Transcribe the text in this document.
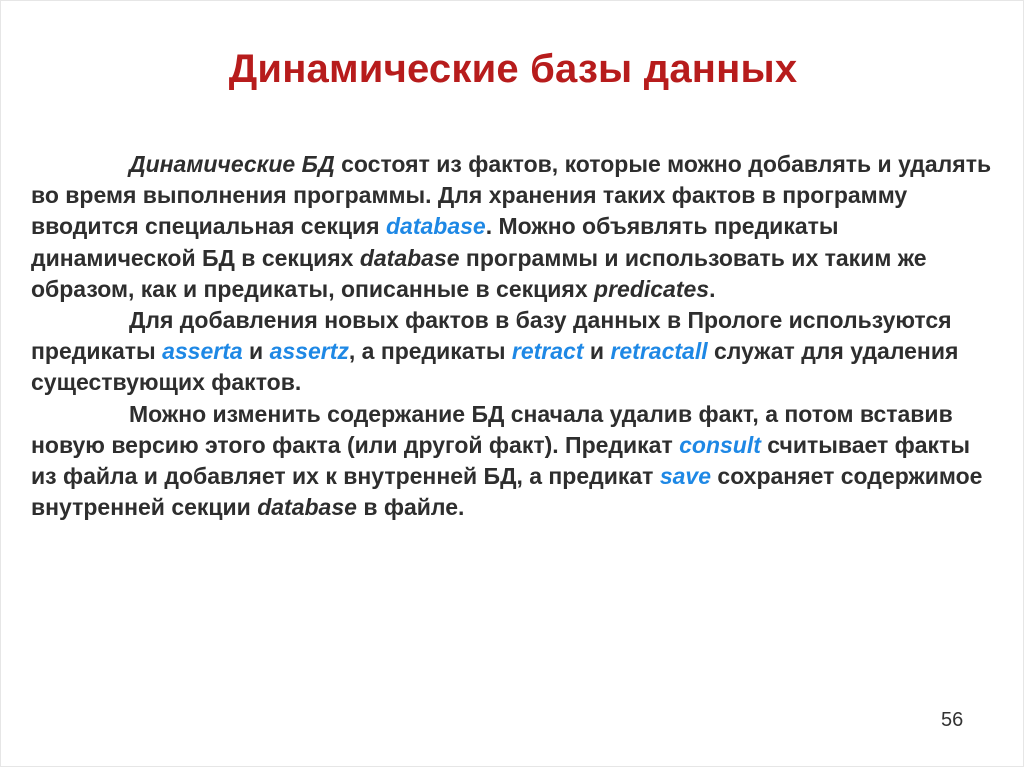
Динамические базы данных

Динамические БД состоят из фактов, которые можно добавлять и удалять во время выполнения программы. Для хранения таких фактов в программу вводится специальная секция database. Можно объявлять предикаты динамической БД в секциях database программы и использовать их таким же образом, как и предикаты, описанные в секциях predicates.

Для добавления новых фактов в базу данных в Прологе используются предикаты asserta и assertz, а предикаты retract и retractall служат для удаления существующих фактов.

Можно изменить содержание БД сначала удалив факт, а потом вставив новую версию этого факта (или другой факт). Предикат consult считывает факты из файла и добавляет их к внутренней БД, а предикат save сохраняет содержимое внутренней секции database в файле.

56
